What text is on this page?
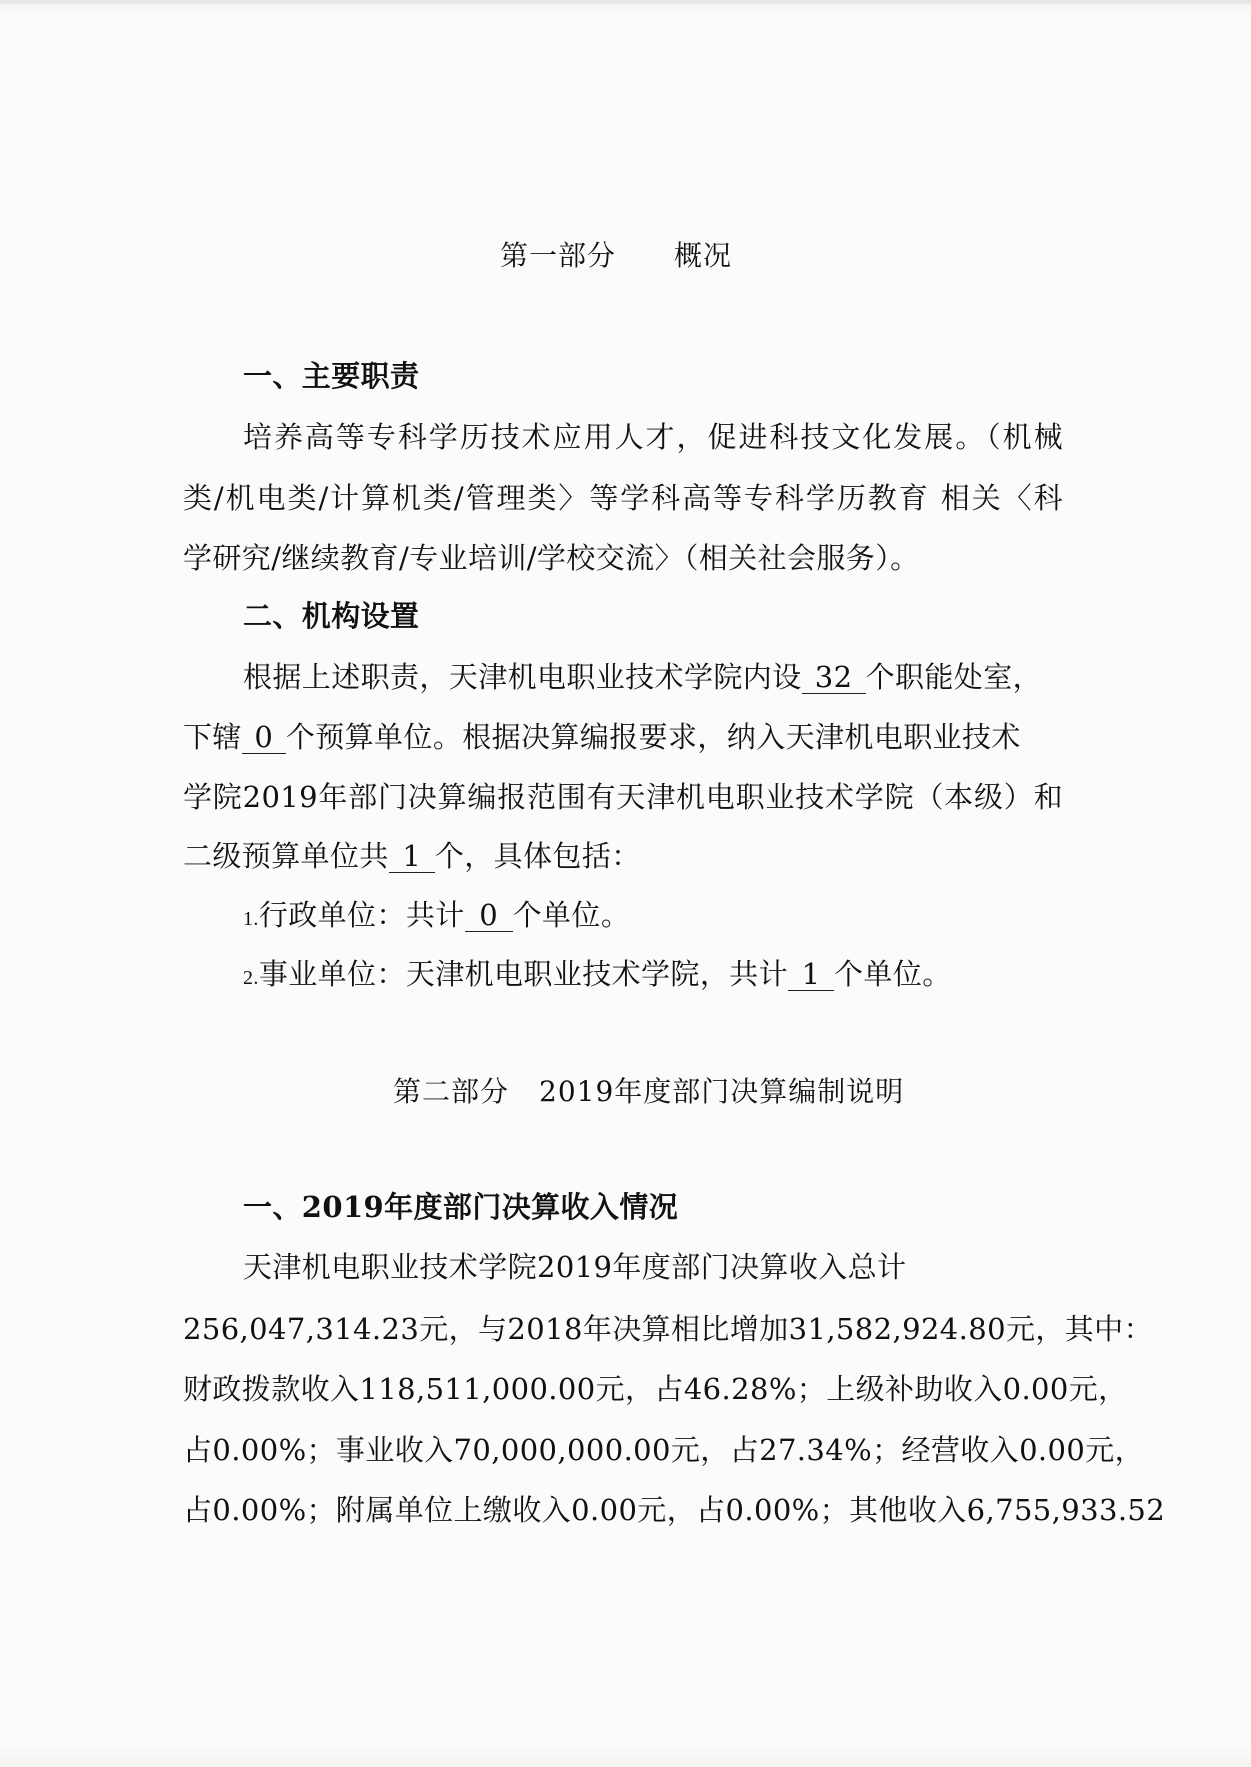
第一部分 概况
一、主要职责
培养高等专科学历技术应用人才，促进科技文化发展。（机械
类/机电类/计算机类/管理类〉等学科高等专科学历教育 相关〈科
学研究/继续教育/专业培训/学校交流〉（相关社会服务）。
二、机构设置
根据上述职责，天津机电职业技术学院内设 32 个职能处室，
下辖 0 个预算单位。根据决算编报要求，纳入天津机电职业技术
学院2019年部门决算编报范围有天津机电职业技术学院（本级）和
二级预算单位共 1 个，具体包括：
1.行政单位：共计 0 个单位。
2.事业单位：天津机电职业技术学院，共计 1 个单位。
第二部分 2019年度部门决算编制说明
一、2019年度部门决算收入情况
天津机电职业技术学院2019年度部门决算收入总计
256,047,314.23元，与2018年决算相比增加31,582,924.80元，其中：
财政拨款收入118,511,000.00元，占46.28%；上级补助收入0.00元，
占0.00%；事业收入70,000,000.00元，占27.34%；经营收入0.00元，
占0.00%；附属单位上缴收入0.00元，占0.00%；其他收入6,755,933.52
